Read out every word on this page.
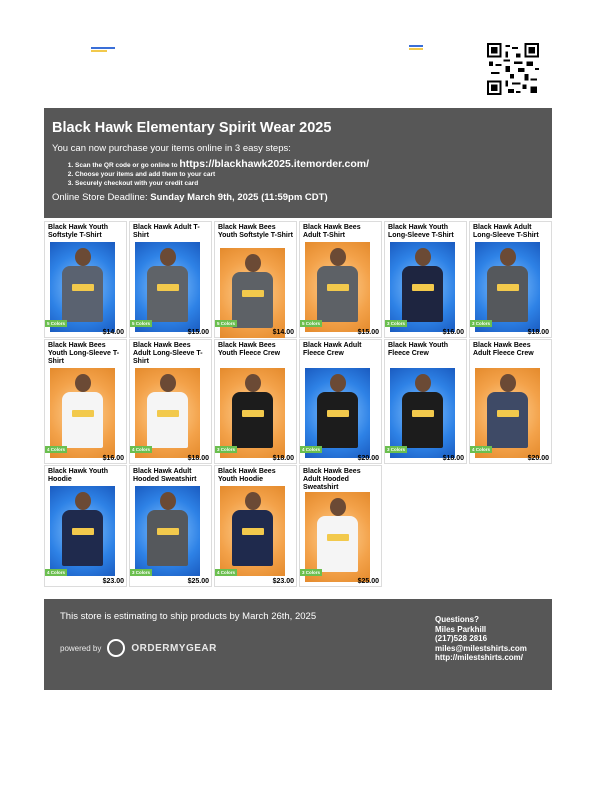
Black Hawk Elementary Spirit Wear 2025
You can now purchase your items online in 3 easy steps:
1. Scan the QR code or go online to https://blackhawk2025.itemorder.com/
2. Choose your items and add them to your cart
3. Securely checkout with your credit card
Online Store Deadline: Sunday March 9th, 2025 (11:59pm CDT)
Black Hawk Youth Softstyle T-Shirt
5 Colors
$14.00
Black Hawk Adult T-Shirt
5 Colors
$15.00
Black Hawk Bees Youth Softstyle T-Shirt
5 Colors
$14.00
Black Hawk Bees Adult T-Shirt
5 Colors
$15.00
Black Hawk Youth Long-Sleeve T-Shirt
3 Colors
$16.00
Black Hawk Adult Long-Sleeve T-Shirt
3 Colors
$18.00
Black Hawk Bees Youth Long-Sleeve T-Shirt
4 Colors
$16.00
Black Hawk Bees Adult Long-Sleeve T-Shirt
4 Colors
$18.00
Black Hawk Bees Youth Fleece Crew
3 Colors
$18.00
Black Hawk Adult Fleece Crew
4 Colors
$20.00
Black Hawk Youth Fleece Crew
3 Colors
$18.00
Black Hawk Bees Adult Fleece Crew
4 Colors
$20.00
Black Hawk Youth Hoodie
4 Colors
$23.00
Black Hawk Adult Hooded Sweatshirt
3 Colors
$25.00
Black Hawk Bees Youth Hoodie
4 Colors
$23.00
Black Hawk Bees Adult Hooded Sweatshirt
3 Colors
$25.00
This store is estimating to ship products by March 26th, 2025
powered by	ORDERMYGEAR
Questions?
Miles Parkhill
(217)528 2816
miles@milestshirts.com
http://milestshirts.com/
